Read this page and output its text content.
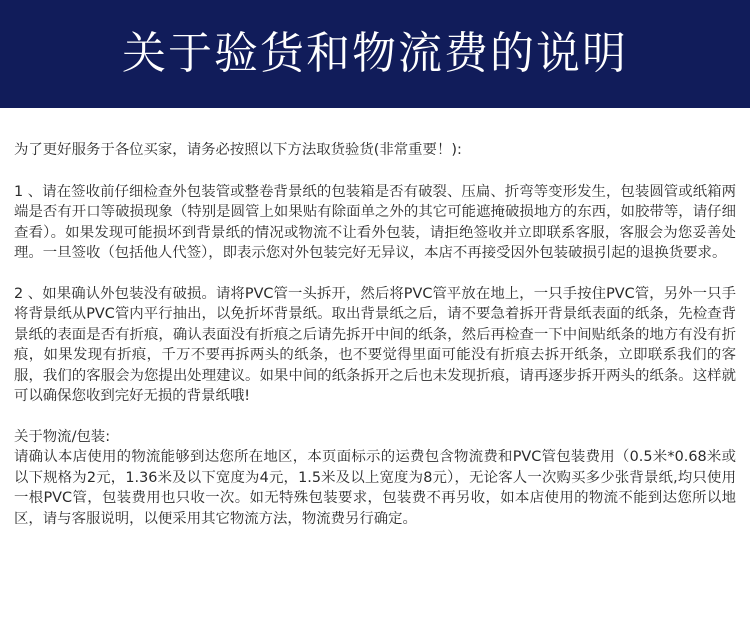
关于验货和物流费的说明

为了更好服务于各位买家，请务必按照以下方法取货验货(非常重要！):

1 、请在签收前仔细检查外包装管或整卷背景纸的包装箱是否有破裂、压扁、折弯等变形发生，包装圆管或纸箱两端是否有开口等破损现象（特别是圆管上如果贴有除面单之外的其它可能遮掩破损地方的东西，如胶带等，请仔细查看）。如果发现可能损坏到背景纸的情况或物流不让看外包装，请拒绝签收并立即联系客服，客服会为您妥善处理。一旦签收（包括他人代签），即表示您对外包装完好无异议，本店不再接受因外包装破损引起的退换货要求。

2 、如果确认外包装没有破损。请将PVC管一头拆开，然后将PVC管平放在地上，一只手按住PVC管，另外一只手将背景纸从PVC管内平行抽出，以免折坏背景纸。取出背景纸之后，请不要急着拆开背景纸表面的纸条，先检查背景纸的表面是否有折痕，确认表面没有折痕之后请先拆开中间的纸条，然后再检查一下中间贴纸条的地方有没有折痕，如果发现有折痕，千万不要再拆两头的纸条，也不要觉得里面可能没有折痕去拆开纸条，立即联系我们的客服，我们的客服会为您提出处理建议。如果中间的纸条拆开之后也未发现折痕，请再逐步拆开两头的纸条。这样就可以确保您收到完好无损的背景纸哦!

关于物流/包装:

请确认本店使用的物流能够到达您所在地区，本页面标示的运费包含物流费和PVC管包装费用（0.5米*0.68米或以下规格为2元，1.36米及以下宽度为4元，1.5米及以上宽度为8元），无论客人一次购买多少张背景纸,均只使用一根PVC管，包装费用也只收一次。如无特殊包装要求，包装费不再另收，如本店使用的物流不能到达您所以地区，请与客服说明，以便采用其它物流方法，物流费另行确定。
